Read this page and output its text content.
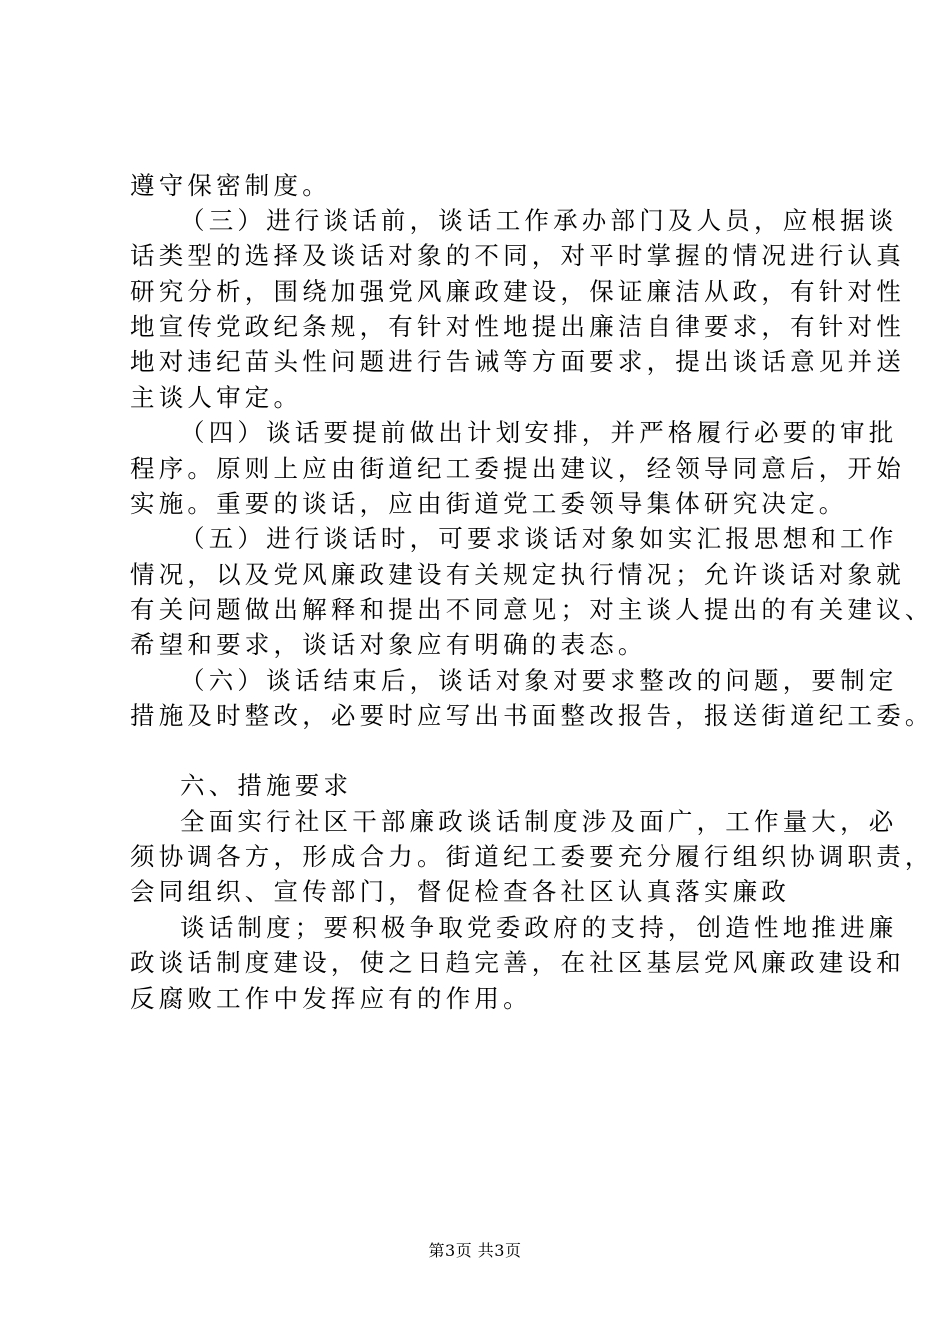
遵守保密制度。
（三）进行谈话前，谈话工作承办部门及人员，应根据谈
话类型的选择及谈话对象的不同，对平时掌握的情况进行认真
研究分析，围绕加强党风廉政建设，保证廉洁从政，有针对性
地宣传党政纪条规，有针对性地提出廉洁自律要求，有针对性
地对违纪苗头性问题进行告诫等方面要求，提出谈话意见并送
主谈人审定。
（四）谈话要提前做出计划安排，并严格履行必要的审批
程序。原则上应由街道纪工委提出建议，经领导同意后，开始
实施。重要的谈话，应由街道党工委领导集体研究决定。
（五）进行谈话时，可要求谈话对象如实汇报思想和工作
情况，以及党风廉政建设有关规定执行情况；允许谈话对象就
有关问题做出解释和提出不同意见；对主谈人提出的有关建议、
希望和要求，谈话对象应有明确的表态。
（六）谈话结束后，谈话对象对要求整改的问题，要制定
措施及时整改，必要时应写出书面整改报告，报送街道纪工委。
六、措施要求
全面实行社区干部廉政谈话制度涉及面广，工作量大，必
须协调各方，形成合力。街道纪工委要充分履行组织协调职责，
会同组织、宣传部门，督促检查各社区认真落实廉政
谈话制度；要积极争取党委政府的支持，创造性地推进廉
政谈话制度建设，使之日趋完善，在社区基层党风廉政建设和
反腐败工作中发挥应有的作用。
第3页 共3页
